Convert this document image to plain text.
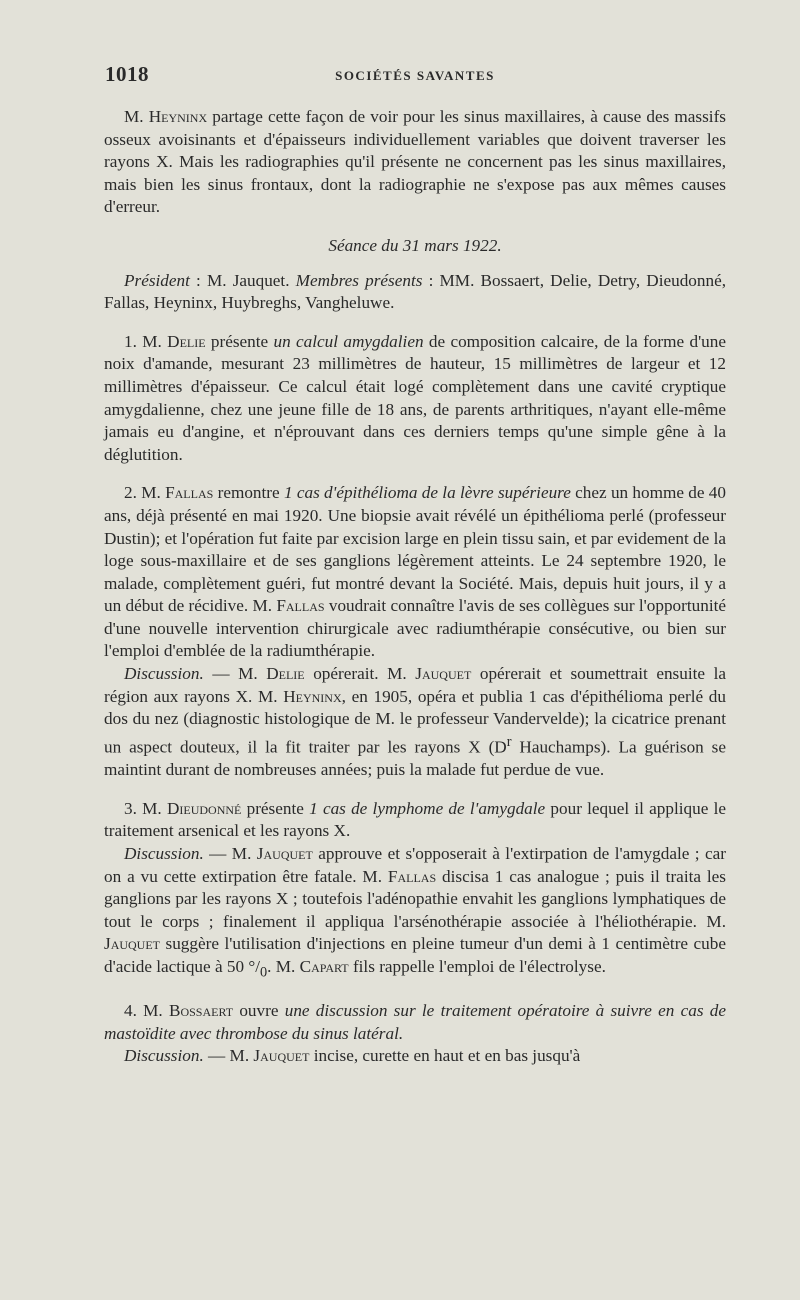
1018	SOCIÉTÉS SAVANTES

M. Heyninx partage cette façon de voir pour les sinus maxillaires, à cause des massifs osseux avoisinants et d'épaisseurs individuellement variables que doivent traverser les rayons X. Mais les radiographies qu'il présente ne concernent pas les sinus maxillaires, mais bien les sinus frontaux, dont la radiographie ne s'expose pas aux mêmes causes d'erreur.

Séance du 31 mars 1922.

Président : M. Jauquet. Membres présents : MM. Bossaert, Delie, Detry, Dieudonné, Fallas, Heyninx, Huybreghs, Vangheluwe.

1. M. Delie présente un calcul amygdalien de composition calcaire, de la forme d'une noix d'amande, mesurant 23 millimètres de hauteur, 15 millimètres de largeur et 12 millimètres d'épaisseur. Ce calcul était logé complètement dans une cavité cryptique amygdalienne, chez une jeune fille de 18 ans, de parents arthritiques, n'ayant elle-même jamais eu d'angine, et n'éprouvant dans ces derniers temps qu'une simple gêne à la déglutition.

2. M. Fallas remontre 1 cas d'épithélioma de la lèvre supérieure chez un homme de 40 ans, déjà présenté en mai 1920. Une biopsie avait révélé un épithélioma perlé (professeur Dustin); et l'opération fut faite par excision large en plein tissu sain, et par evidement de la loge sous-maxillaire et de ses ganglions légèrement atteints. Le 24 septembre 1920, le malade, complètement guéri, fut montré devant la Société. Mais, depuis huit jours, il y a un début de récidive. M. Fallas voudrait connaître l'avis de ses collègues sur l'opportunité d'une nouvelle intervention chirurgicale avec radiumthérapie consécutive, ou bien sur l'emploi d'emblée de la radiumthérapie.

Discussion. — M. Delie opérerait. M. Jauquet opérerait et soumettrait ensuite la région aux rayons X. M. Heyninx, en 1905, opéra et publia 1 cas d'épithélioma perlé du dos du nez (diagnostic histologique de M. le professeur Vandervelde); la cicatrice prenant un aspect douteux, il la fit traiter par les rayons X ($D^r$ Hauchamps). La guérison se maintint durant de nombreuses années; puis la malade fut perdue de vue.

3. M. Dieudonné présente 1 cas de lymphome de l'amygdale pour lequel il applique le traitement arsenical et les rayons X.

Discussion. — M. Jauquet approuve et s'opposerait à l'extirpation de l'amygdale ; car on a vu cette extirpation être fatale. M. Fallas discisa 1 cas analogue ; puis il traita les ganglions par les rayons X ; toutefois l'adénopathie envahit les ganglions lymphatiques de tout le corps ; finalement il appliqua l'arsénothérapie associée à l'héliothérapie. M. Jauquet suggère l'utilisation d'injections en pleine tumeur d'un demi à 1 centimètre cube d'acide lactique à 50 $^\circ/_0$. M. Capart fils rappelle l'emploi de l'électrolyse.

4. M. Bossaert ouvre une discussion sur le traitement opératoire à suivre en cas de mastoïdite avec thrombose du sinus latéral.

Discussion. — M. Jauquet incise, curette en haut et en bas jusqu'à
